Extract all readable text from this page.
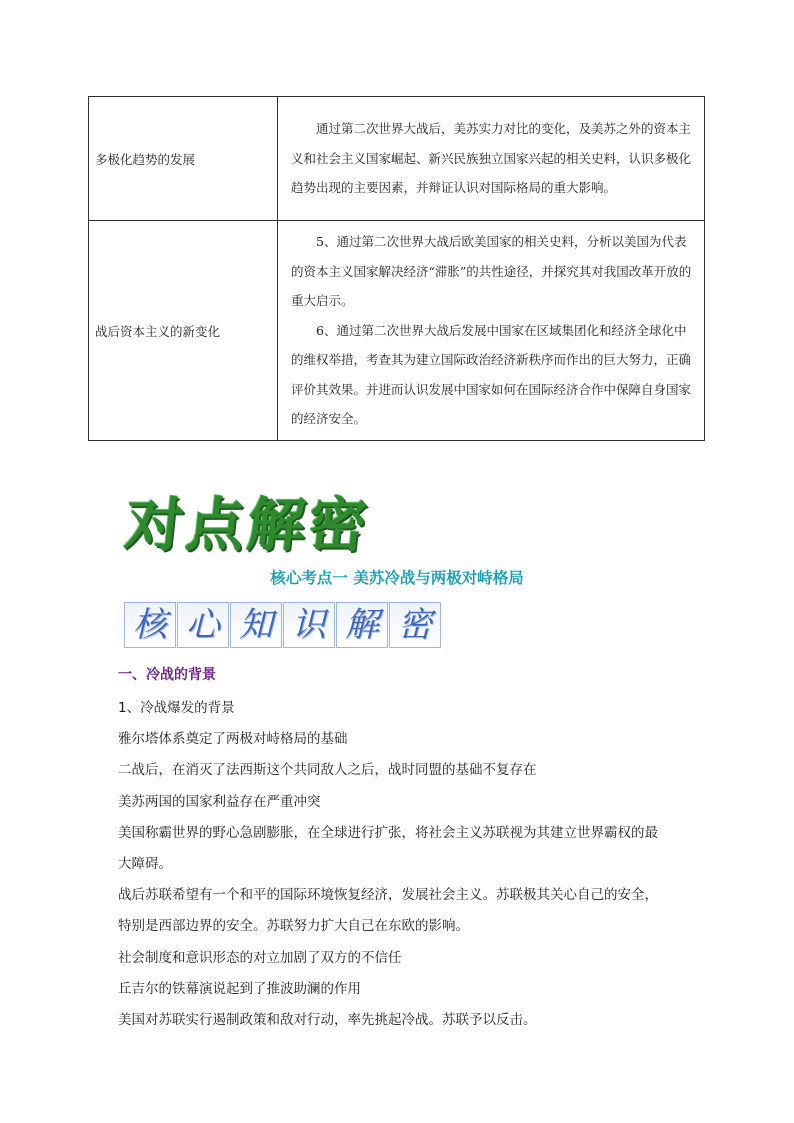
多极化趋势的发展	通过第二次世界大战后，美苏实力对比的变化，及美苏之外的资本主义和社会主义国家崛起、新兴民族独立国家兴起的相关史料，认识多极化趋势出现的主要因素，并辩证认识对国际格局的重大影响。

战后资本主义的新变化	5、通过第二次世界大战后欧美国家的相关史料，分析以美国为代表的资本主义国家解决经济“滞胀”的共性途径，并探究其对我国改革开放的重大启示。

6、通过第二次世界大战后发展中国家在区域集团化和经济全球化中的维权举措，考查其为建立国际政治经济新秩序而作出的巨大努力，正确评价其效果。并进而认识发展中国家如何在国际经济合作中保障自身国家的经济安全。

对点解密
核心考点一 美苏冷战与两极对峙格局
核 心 知 识 解 密
一、冷战的背景

1、冷战爆发的背景

雅尔塔体系奠定了两极对峙格局的基础

二战后，在消灭了法西斯这个共同敌人之后，战时同盟的基础不复存在

美苏两国的国家利益存在严重冲突

美国称霸世界的野心急剧膨胀，在全球进行扩张，将社会主义苏联视为其建立世界霸权的最

大障碍。

战后苏联希望有一个和平的国际环境恢复经济，发展社会主义。苏联极其关心自己的安全，

特别是西部边界的安全。苏联努力扩大自己在东欧的影响。

社会制度和意识形态的对立加剧了双方的不信任

丘吉尔的铁幕演说起到了推波助澜的作用

美国对苏联实行遏制政策和敌对行动，率先挑起冷战。苏联予以反击。
